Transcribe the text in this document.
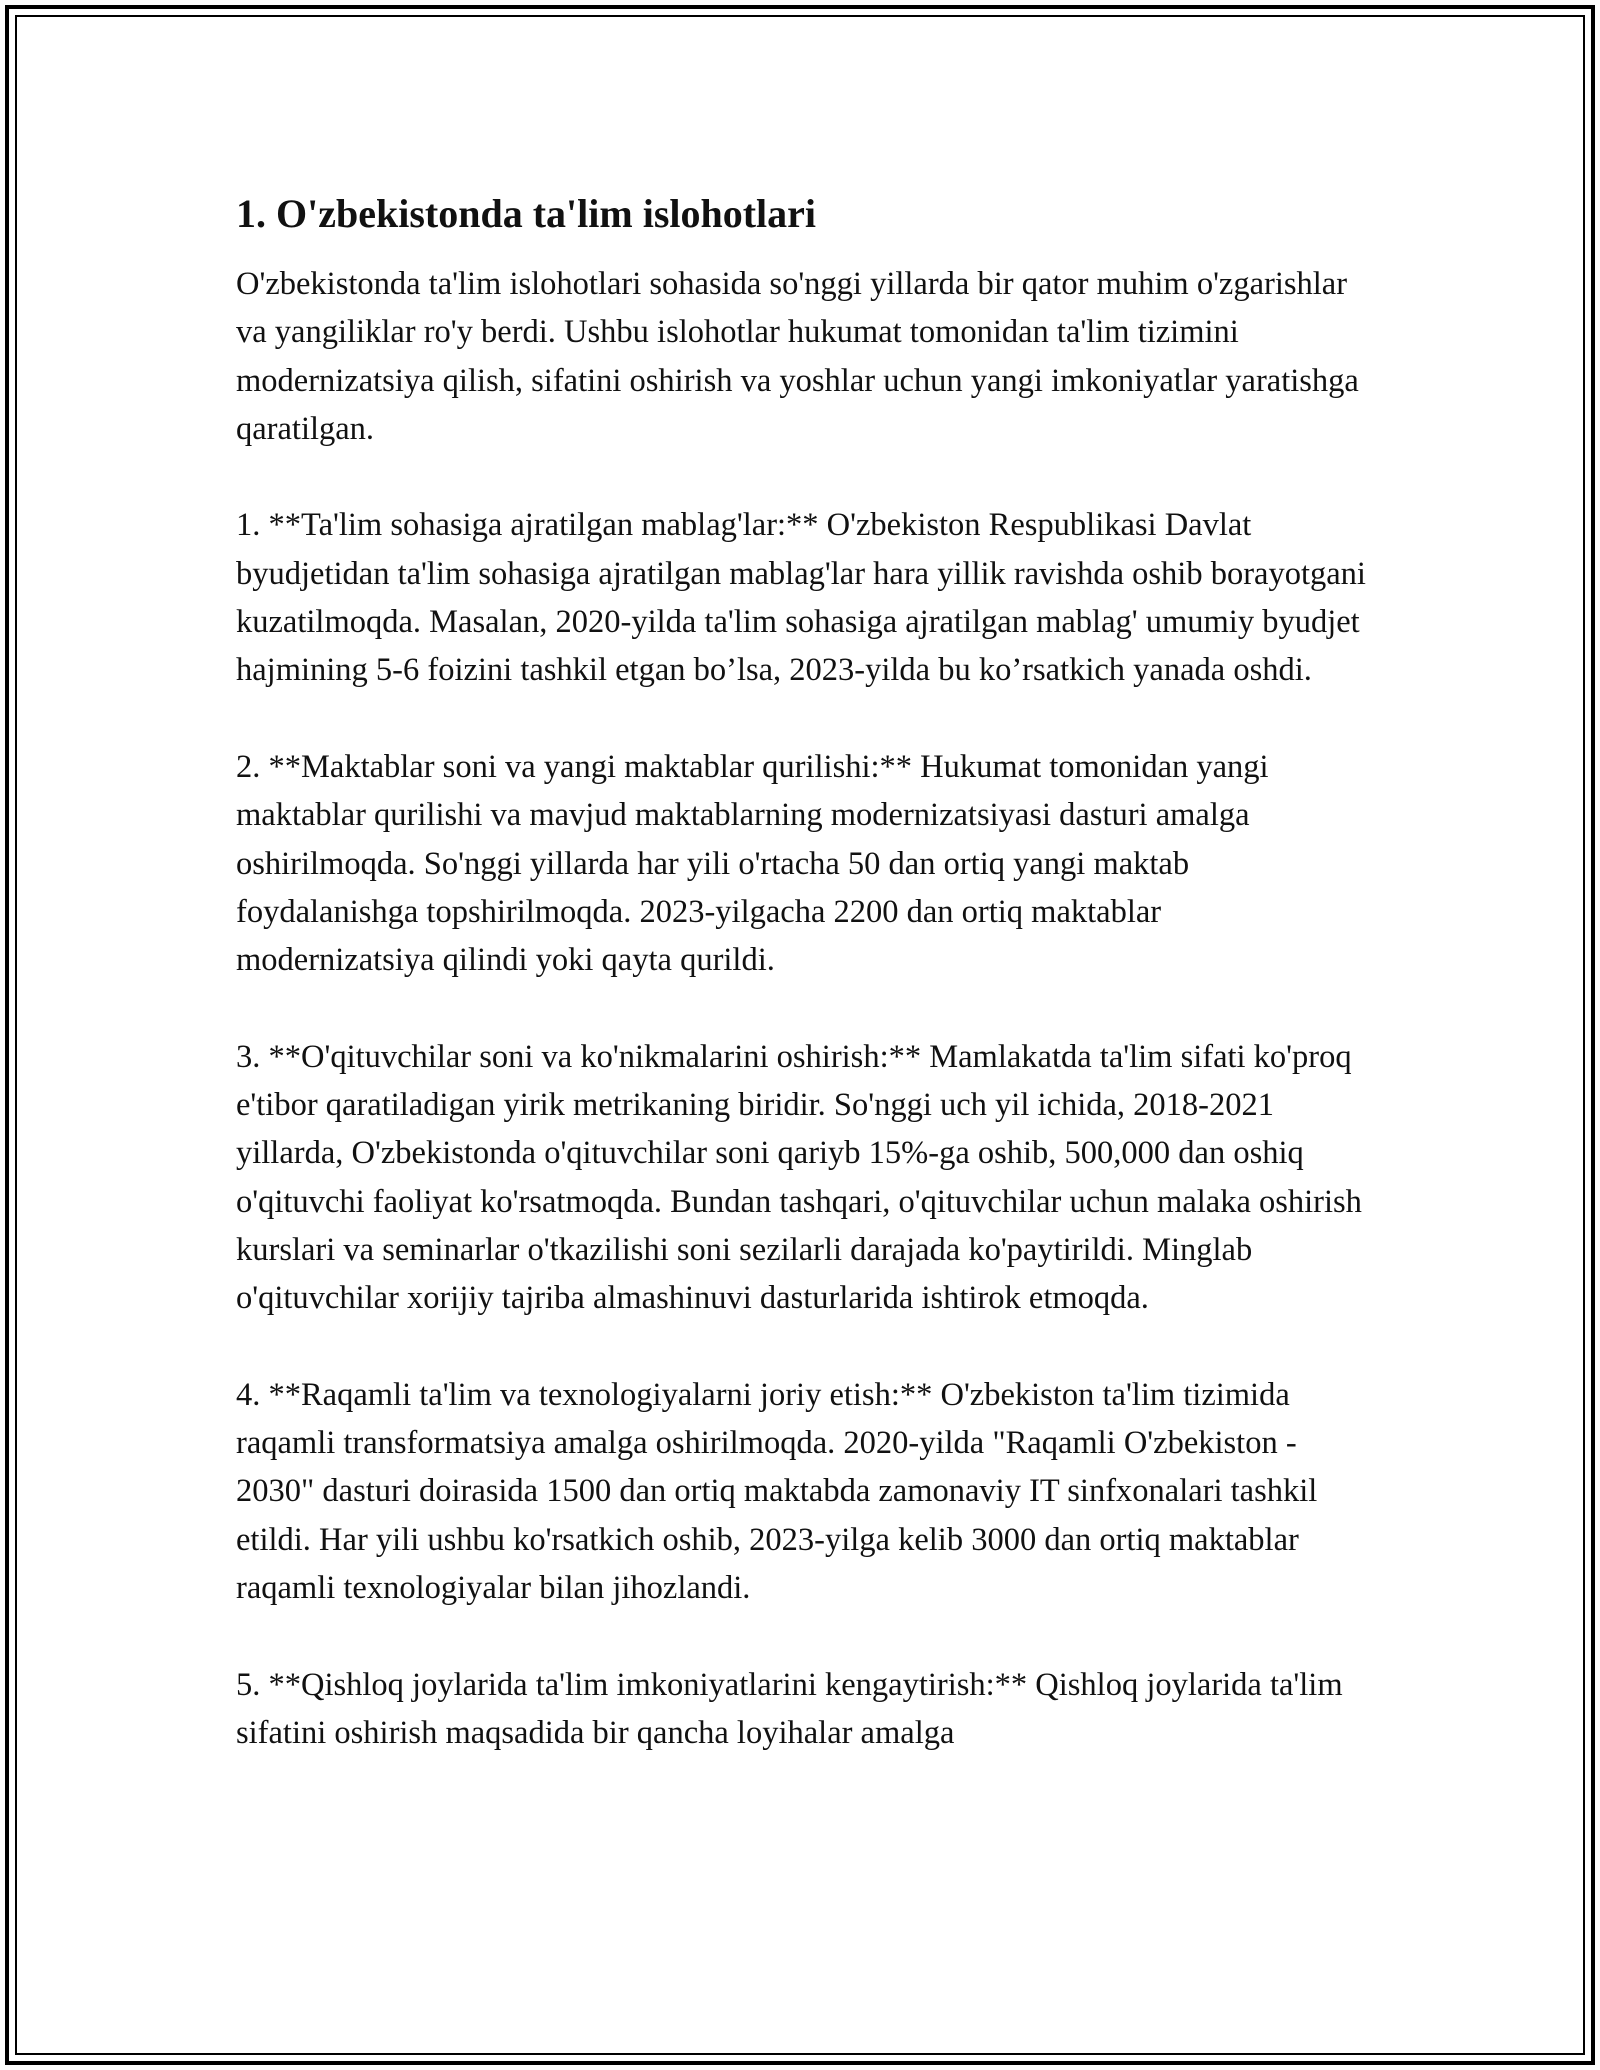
1. O'zbekistonda ta'lim islohotlari

O'zbekistonda ta'lim islohotlari sohasida so'nggi yillarda bir qator muhim o'zgarishlar va yangiliklar ro'y berdi. Ushbu islohotlar hukumat tomonidan ta'lim tizimini modernizatsiya qilish, sifatini oshirish va yoshlar uchun yangi imkoniyatlar yaratishga qaratilgan.

1. **Ta'lim sohasiga ajratilgan mablag'lar:** O'zbekiston Respublikasi Davlat byudjetidan ta'lim sohasiga ajratilgan mablag'lar hara yillik ravishda oshib borayotgani kuzatilmoqda. Masalan, 2020-yilda ta'lim sohasiga ajratilgan mablag' umumiy byudjet hajmining 5-6 foizini tashkil etgan bo’lsa, 2023-yilda bu ko’rsatkich yanada oshdi.

2. **Maktablar soni va yangi maktablar qurilishi:** Hukumat tomonidan yangi maktablar qurilishi va mavjud maktablarning modernizatsiyasi dasturi amalga oshirilmoqda. So'nggi yillarda har yili o'rtacha 50 dan ortiq yangi maktab foydalanishga topshirilmoqda. 2023-yilgacha 2200 dan ortiq maktablar modernizatsiya qilindi yoki qayta qurildi.

3. **O'qituvchilar soni va ko'nikmalarini oshirish:** Mamlakatda ta'lim sifati ko'proq e'tibor qaratiladigan yirik metrikaning biridir. So'nggi uch yil ichida, 2018-2021 yillarda, O'zbekistonda o'qituvchilar soni qariyb 15%-ga oshib, 500,000 dan oshiq o'qituvchi faoliyat ko'rsatmoqda. Bundan tashqari, o'qituvchilar uchun malaka oshirish kurslari va seminarlar o'tkazilishi soni sezilarli darajada ko'paytirildi. Minglab o'qituvchilar xorijiy tajriba almashinuvi dasturlarida ishtirok etmoqda.

4. **Raqamli ta'lim va texnologiyalarni joriy etish:** O'zbekiston ta'lim tizimida raqamli transformatsiya amalga oshirilmoqda. 2020-yilda "Raqamli O'zbekiston - 2030" dasturi doirasida 1500 dan ortiq maktabda zamonaviy IT sinfxonalari tashkil etildi. Har yili ushbu ko'rsatkich oshib, 2023-yilga kelib 3000 dan ortiq maktablar raqamli texnologiyalar bilan jihozlandi.

5. **Qishloq joylarida ta'lim imkoniyatlarini kengaytirish:** Qishloq joylarida ta'lim sifatini oshirish maqsadida bir qancha loyihalar amalga
